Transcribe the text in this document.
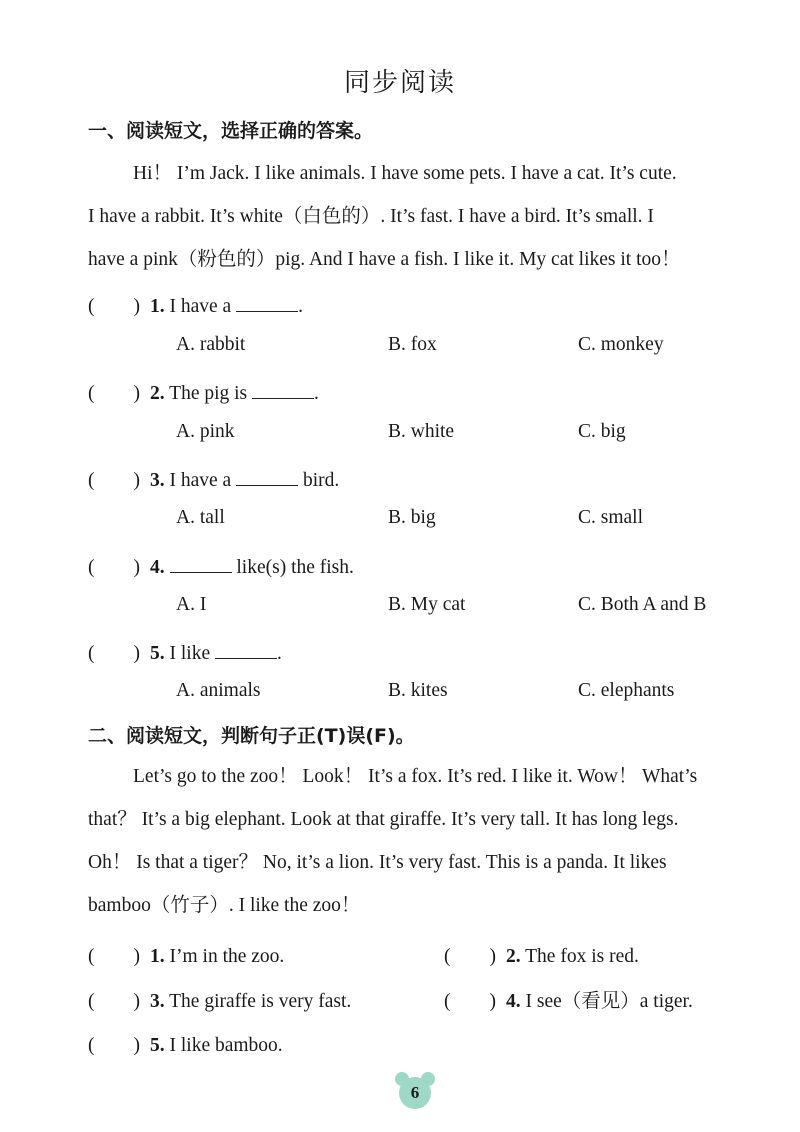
同步阅读
一、阅读短文，选择正确的答案。
Hi！ I’m Jack. I like animals. I have some pets. I have a cat. It’s cute.
I have a rabbit. It’s white（白色的）. It’s fast. I have a bird. It’s small. I
have a pink（粉色的）pig. And I have a fish. I like it. My cat likes it too！
(　　) 1. I have a	.
A. rabbit	B. fox	C. monkey
(　　) 2. The pig is	.
A. pink	B. white	C. big
(　　) 3. I have a	bird.
A. tall	B. big	C. small
(　　) 4.	like(s) the fish.
A. I	B. My cat	C. Both A and B
(　　) 5. I like	.
A. animals	B. kites	C. elephants
二、阅读短文，判断句子正(T)误(F)。
Let’s go to the zoo！ Look！ It’s a fox. It’s red. I like it. Wow！ What’s
that？ It’s a big elephant. Look at that giraffe. It’s very tall. It has long legs.
Oh！ Is that a tiger？ No, it’s a lion. It’s very fast. This is a panda. It likes
bamboo（竹子）. I like the zoo！
(　　) 1. I’m in the zoo.	(　　) 2. The fox is red.
(　　) 3. The giraffe is very fast.	(　　) 4. I see（看见）a tiger.
(　　) 5. I like bamboo.
6
